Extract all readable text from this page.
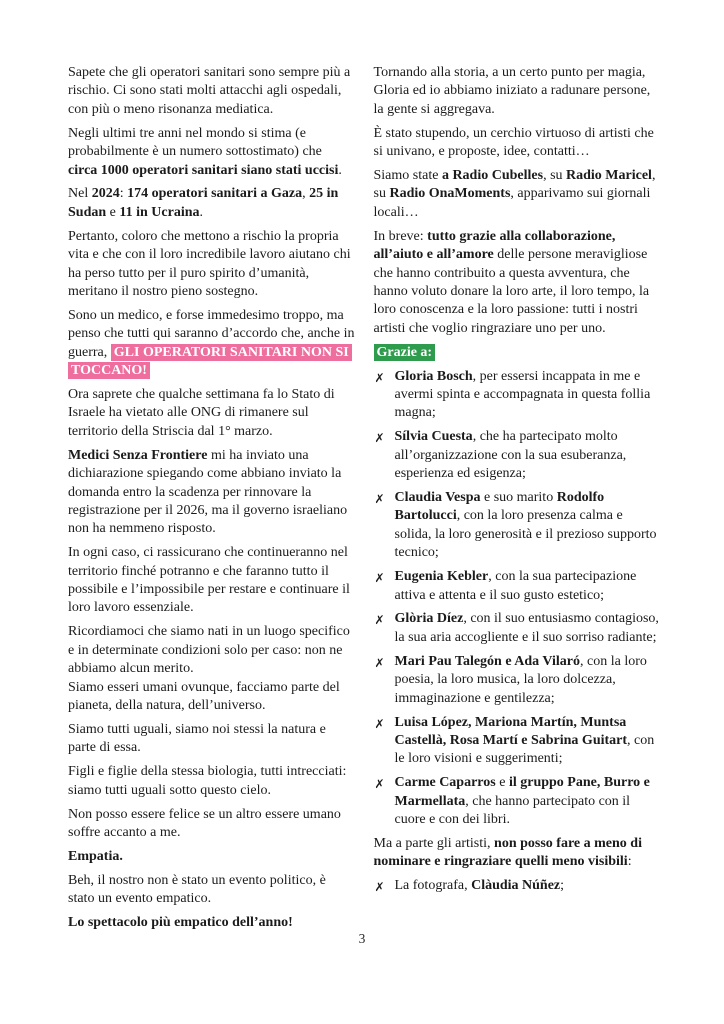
Sapete che gli operatori sanitari sono sempre più a rischio. Ci sono stati molti attacchi agli ospedali, con più o meno risonanza mediatica.
Negli ultimi tre anni nel mondo si stima (e probabilmente è un numero sottostimato) che circa 1000 operatori sanitari siano stati uccisi.
Nel 2024: 174 operatori sanitari a Gaza, 25 in Sudan e 11 in Ucraina.
Pertanto, coloro che mettono a rischio la propria vita e che con il loro incredibile lavoro aiutano chi ha perso tutto per il puro spirito d’umanità, meritano il nostro pieno sostegno.
Sono un medico, e forse immedesimo troppo, ma penso che tutti qui saranno d’accordo che, anche in guerra, GLI OPERATORI SANITARI NON SI TOCCANO!
Ora saprete che qualche settimana fa lo Stato di Israele ha vietato alle ONG di rimanere sul territorio della Striscia dal 1° marzo.
Medici Senza Frontiere mi ha inviato una dichiarazione spiegando come abbiano inviato la domanda entro la scadenza per rinnovare la registrazione per il 2026, ma il governo israeliano non ha nemmeno risposto.
In ogni caso, ci rassicurano che continueranno nel territorio finché potranno e che faranno tutto il possibile e l’impossibile per restare e continuare il loro lavoro essenziale.
Ricordiamoci che siamo nati in un luogo specifico e in determinate condizioni solo per caso: non ne abbiamo alcun merito.
Siamo esseri umani ovunque, facciamo parte del pianeta, della natura, dell’universo.
Siamo tutti uguali, siamo noi stessi la natura e parte di essa.
Figli e figlie della stessa biologia, tutti intrecciati: siamo tutti uguali sotto questo cielo.
Non posso essere felice se un altro essere umano soffre accanto a me.
Empatia.
Beh, il nostro non è stato un evento politico, è stato un evento empatico.
Lo spettacolo più empatico dell’anno!
Tornando alla storia, a un certo punto per magia, Gloria ed io abbiamo iniziato a radunare persone, la gente si aggregava.
È stato stupendo, un cerchio virtuoso di artisti che si univano, e proposte, idee, contatti…
Siamo state a Radio Cubelles, su Radio Maricel, su Radio OnaMoments, apparivamo sui giornali locali…
In breve: tutto grazie alla collaborazione, all’aiuto e all’amore delle persone meravigliose che hanno contribuito a questa avventura, che hanno voluto donare la loro arte, il loro tempo, la loro conoscenza e la loro passione: tutti i nostri artisti che voglio ringraziare uno per uno.
Grazie a:
✗ Gloria Bosch, per essersi incappata in me e avermi spinta e accompagnata in questa follia magna;
✗ Sílvia Cuesta, che ha partecipato molto all’organizzazione con la sua esuberanza, esperienza ed esigenza;
✗ Claudia Vespa e suo marito Rodolfo Bartolucci, con la loro presenza calma e solida, la loro generosità e il prezioso supporto tecnico;
✗ Eugenia Kebler, con la sua partecipazione attiva e attenta e il suo gusto estetico;
✗ Glòria Díez, con il suo entusiasmo contagioso, la sua aria accogliente e il suo sorriso radiante;
✗ Mari Pau Talegón e Ada Vilaró, con la loro poesia, la loro musica, la loro dolcezza, immaginazione e gentilezza;
✗ Luisa López, Mariona Martín, Muntsa Castellà, Rosa Martí e Sabrina Guitart, con le loro visioni e suggerimenti;
✗ Carme Caparros e il gruppo Pane, Burro e Marmellata, che hanno partecipato con il cuore e con dei libri.
Ma a parte gli artisti, non posso fare a meno di nominare e ringraziare quelli meno visibili:
✗ La fotografa, Clàudia Núñez;
3
